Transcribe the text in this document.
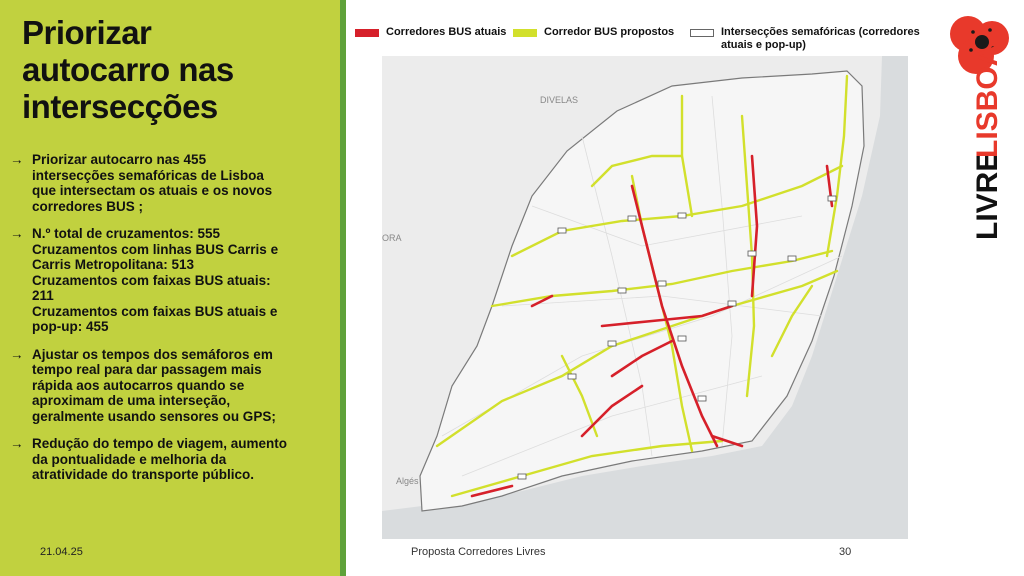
Priorizar
autocarro nas
intersecções
→ Priorizar autocarro nas 455
intersecções semafóricas de Lisboa
que intersectam os atuais e os novos
corredores BUS ;
→ N.º total de cruzamentos: 555
Cruzamentos com linhas BUS Carris e
Carris Metropolitana: 513
Cruzamentos com faixas BUS atuais:
211
Cruzamentos com faixas BUS atuais e
pop-up: 455
→ Ajustar os tempos dos semáforos em
tempo real para dar passagem mais
rápida aos autocarros quando se
aproximam de uma interseção,
geralmente usando sensores ou GPS;
→ Redução do tempo de viagem, aumento
da pontualidade e melhoria da
atratividade do transporte público.
21.04.25
Corredores BUS atuais	Corredor BUS propostos	Intersecções semafóricas (corredores
atuais e pop-up)
DIVELAS
ORA
Algés
Proposta Corredores Livres	30
LIVRE
LISBOA
